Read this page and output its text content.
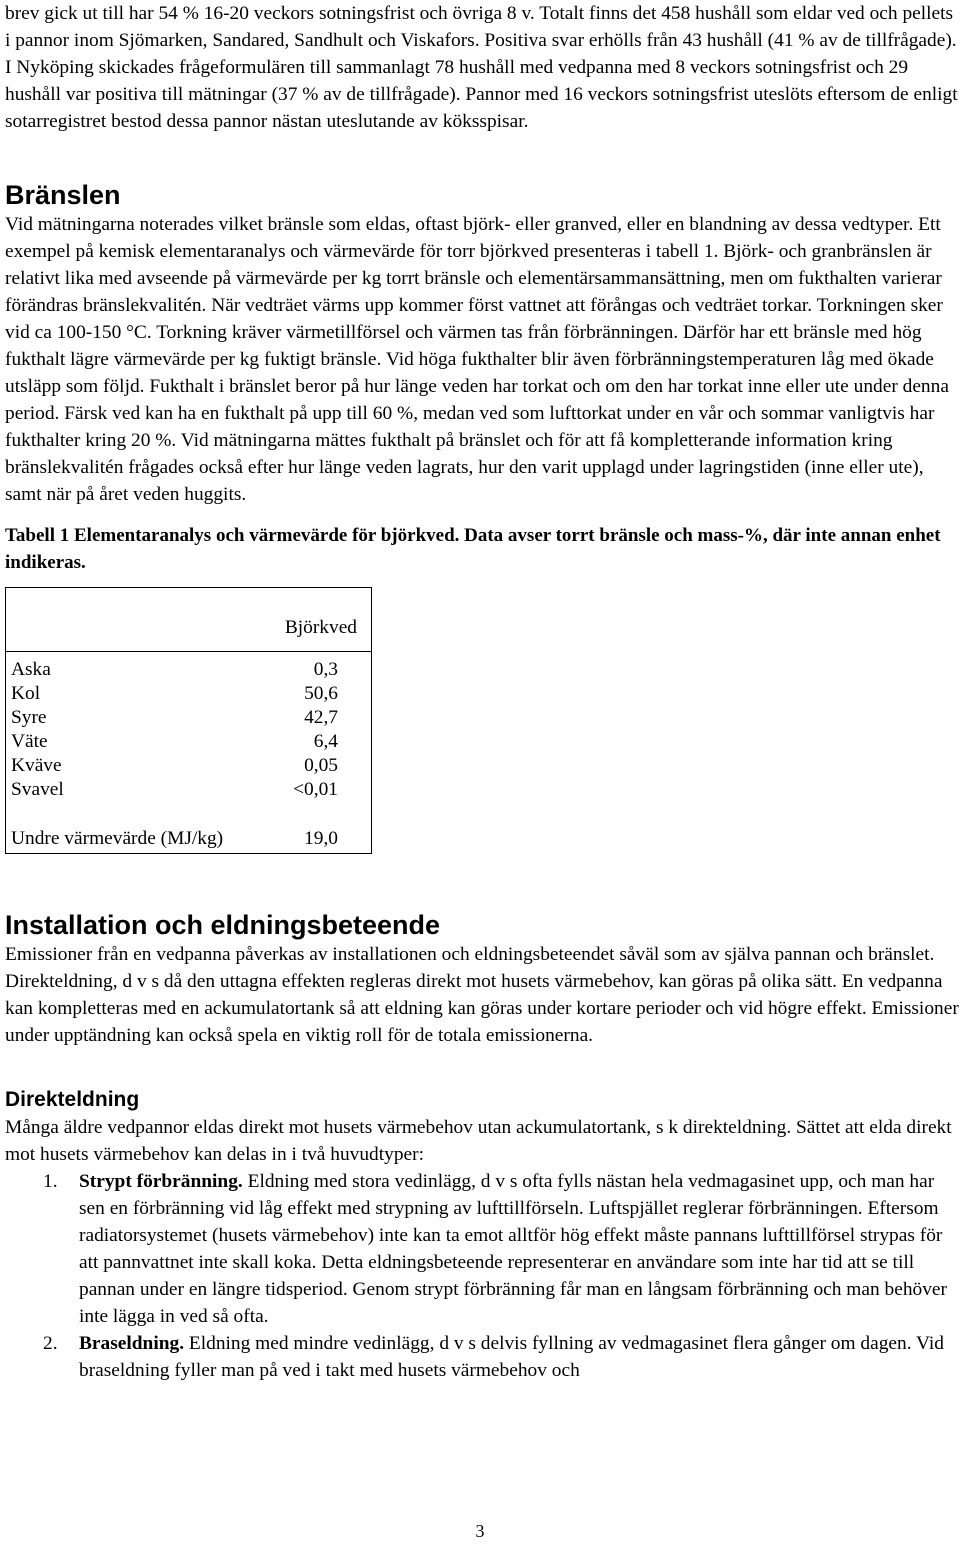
brev gick ut till har 54 % 16-20 veckors sotningsfrist och övriga 8 v. Totalt finns det 458 hushåll som eldar ved och pellets i pannor inom Sjömarken, Sandared, Sandhult och Viskafors. Positiva svar erhölls från 43 hushåll (41 % av de tillfrågade). I Nyköping skickades frågeformulären till sammanlagt 78 hushåll med vedpanna med 8 veckors sotningsfrist och 29 hushåll var positiva till mätningar (37 % av de tillfrågade). Pannor med 16 veckors sotningsfrist uteslöts eftersom de enligt sotarregistret bestod dessa pannor nästan uteslutande av köksspisar.

Bränslen

Vid mätningarna noterades vilket bränsle som eldas, oftast björk- eller granved, eller en blandning av dessa vedtyper. Ett exempel på kemisk elementaranalys och värmevärde för torr björkved presenteras i tabell 1. Björk- och granbränslen är relativt lika med avseende på värmevärde per kg torrt bränsle och elementärsammansättning, men om fukthalten varierar förändras bränslekvalitén. När vedträet värms upp kommer först vattnet att förångas och vedträet torkar. Torkningen sker vid ca 100-150 °C. Torkning kräver värmetillförsel och värmen tas från förbränningen. Därför har ett bränsle med hög fukthalt lägre värmevärde per kg fuktigt bränsle. Vid höga fukthalter blir även förbränningstemperaturen låg med ökade utsläpp som följd. Fukthalt i bränslet beror på hur länge veden har torkat och om den har torkat inne eller ute under denna period. Färsk ved kan ha en fukthalt på upp till 60 %, medan ved som lufttorkat under en vår och sommar vanligtvis har fukthalter kring 20 %. Vid mätningarna mättes fukthalt på bränslet och för att få kompletterande information kring bränslekvalitén frågades också efter hur länge veden lagrats, hur den varit upplagd under lagringstiden (inne eller ute), samt när på året veden huggits.

Tabell 1 Elementaranalys och värmevärde för björkved. Data avser torrt bränsle och mass-%, där inte annan enhet indikeras.

Björkved
Aska	0,3
Kol	50,6
Syre	42,7
Väte	6,4
Kväve	0,05
Svavel	<0,01
Undre värmevärde (MJ/kg)	19,0
Installation och eldningsbeteende

Emissioner från en vedpanna påverkas av installationen och eldningsbeteendet såväl som av själva pannan och bränslet. Direkteldning, d v s då den uttagna effekten regleras direkt mot husets värmebehov, kan göras på olika sätt. En vedpanna kan kompletteras med en ackumulatortank så att eldning kan göras under kortare perioder och vid högre effekt. Emissioner under upptändning kan också spela en viktig roll för de totala emissionerna.

Direkteldning

Många äldre vedpannor eldas direkt mot husets värmebehov utan ackumulatortank, s k direkteldning. Sättet att elda direkt mot husets värmebehov kan delas in i två huvudtyper:

1. Strypt förbränning. Eldning med stora vedinlägg, d v s ofta fylls nästan hela vedmagasinet upp, och man har sen en förbränning vid låg effekt med strypning av lufttillförseln. Luftspjället reglerar förbränningen. Eftersom radiatorsystemet (husets värmebehov) inte kan ta emot alltför hög effekt måste pannans lufttillförsel strypas för att pannvattnet inte skall koka. Detta eldningsbeteende representerar en användare som inte har tid att se till pannan under en längre tidsperiod. Genom strypt förbränning får man en långsam förbränning och man behöver inte lägga in ved så ofta.
2. Braseldning. Eldning med mindre vedinlägg, d v s delvis fyllning av vedmagasinet flera gånger om dagen. Vid braseldning fyller man på ved i takt med husets värmebehov och
3
